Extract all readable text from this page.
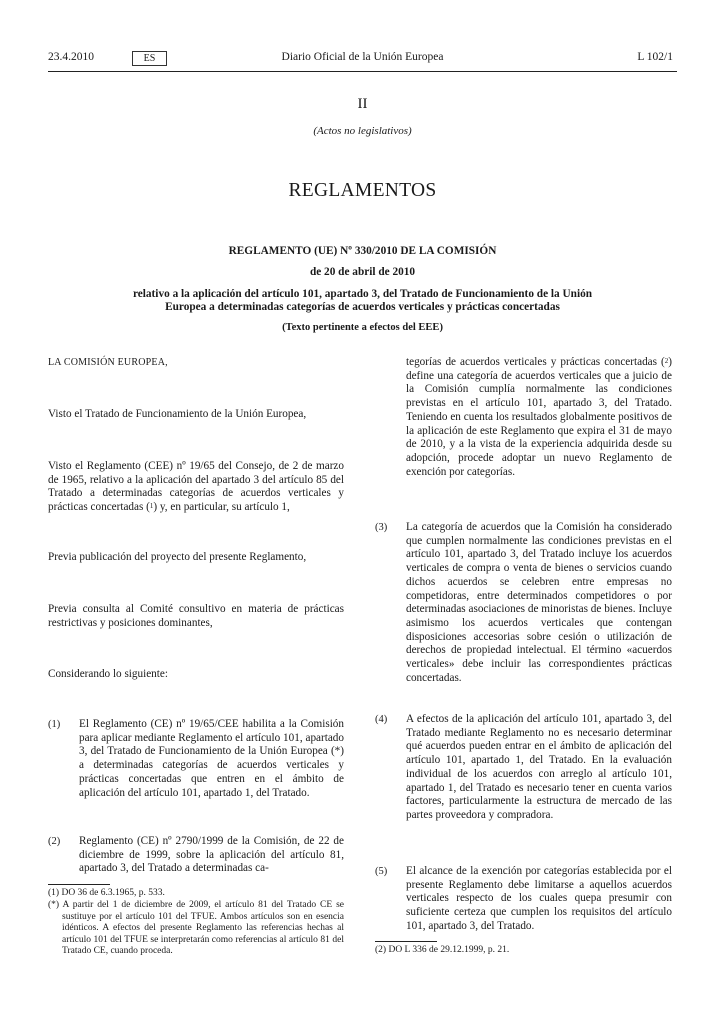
23.4.2010	ES	Diario Oficial de la Unión Europea	L 102/1
II
(Actos no legislativos)
REGLAMENTOS
REGLAMENTO (UE) Nº 330/2010 DE LA COMISIÓN
de 20 de abril de 2010
relativo a la aplicación del artículo 101, apartado 3, del Tratado de Funcionamiento de la Unión
Europea a determinadas categorías de acuerdos verticales y prácticas concertadas
(Texto pertinente a efectos del EEE)

LA COMISIÓN EUROPEA,

Visto el Tratado de Funcionamiento de la Unión Europea,

Visto el Reglamento (CEE) nº 19/65 del Consejo, de 2 de marzo de 1965, relativo a la aplicación del apartado 3 del artículo 85 del Tratado a determinadas categorías de acuerdos verticales y prácticas concertadas ($^1$) y, en particular, su artículo 1,

Previa publicación del proyecto del presente Reglamento,

Previa consulta al Comité consultivo en materia de prácticas restrictivas y posiciones dominantes,

Considerando lo siguiente:

(1) El Reglamento (CE) nº 19/65/CEE habilita a la Comisión para aplicar mediante Reglamento el artículo 101, apartado 3, del Tratado de Funcionamiento de la Unión Europea (*) a determinadas categorías de acuerdos verticales y prácticas concertadas que entren en el ámbito de aplicación del artículo 101, apartado 1, del Tratado.

(2) Reglamento (CE) nº 2790/1999 de la Comisión, de 22 de diciembre de 1999, sobre la aplicación del artículo 81, apartado 3, del Tratado a determinadas ca-

(1) DO 36 de 6.3.1965, p. 533.
(*) A partir del 1 de diciembre de 2009, el artículo 81 del Tratado CE se sustituye por el artículo 101 del TFUE. Ambos artículos son en esencia idénticos. A efectos del presente Reglamento las referencias hechas al artículo 101 del TFUE se interpretarán como referencias al artículo 81 del Tratado CE, cuando proceda.

tegorías de acuerdos verticales y prácticas concertadas ($^2$) define una categoría de acuerdos verticales que a juicio de la Comisión cumplía normalmente las condiciones previstas en el artículo 101, apartado 3, del Tratado. Teniendo en cuenta los resultados globalmente positivos de la aplicación de este Reglamento que expira el 31 de mayo de 2010, y a la vista de la experiencia adquirida desde su adopción, procede adoptar un nuevo Reglamento de exención por categorías.

(3) La categoría de acuerdos que la Comisión ha considerado que cumplen normalmente las condiciones previstas en el artículo 101, apartado 3, del Tratado incluye los acuerdos verticales de compra o venta de bienes o servicios cuando dichos acuerdos se celebren entre empresas no competidoras, entre determinados competidores o por determinadas asociaciones de minoristas de bienes. Incluye asimismo los acuerdos verticales que contengan disposiciones accesorias sobre cesión o utilización de derechos de propiedad intelectual. El término «acuerdos verticales» debe incluir las correspondientes prácticas concertadas.

(4) A efectos de la aplicación del artículo 101, apartado 3, del Tratado mediante Reglamento no es necesario determinar qué acuerdos pueden entrar en el ámbito de aplicación del artículo 101, apartado 1, del Tratado. En la evaluación individual de los acuerdos con arreglo al artículo 101, apartado 1, del Tratado es necesario tener en cuenta varios factores, particularmente la estructura de mercado de las partes proveedora y compradora.

(5) El alcance de la exención por categorías establecida por el presente Reglamento debe limitarse a aquellos acuerdos verticales respecto de los cuales quepa presumir con suficiente certeza que cumplen los requisitos del artículo 101, apartado 3, del Tratado.

(2) DO L 336 de 29.12.1999, p. 21.
